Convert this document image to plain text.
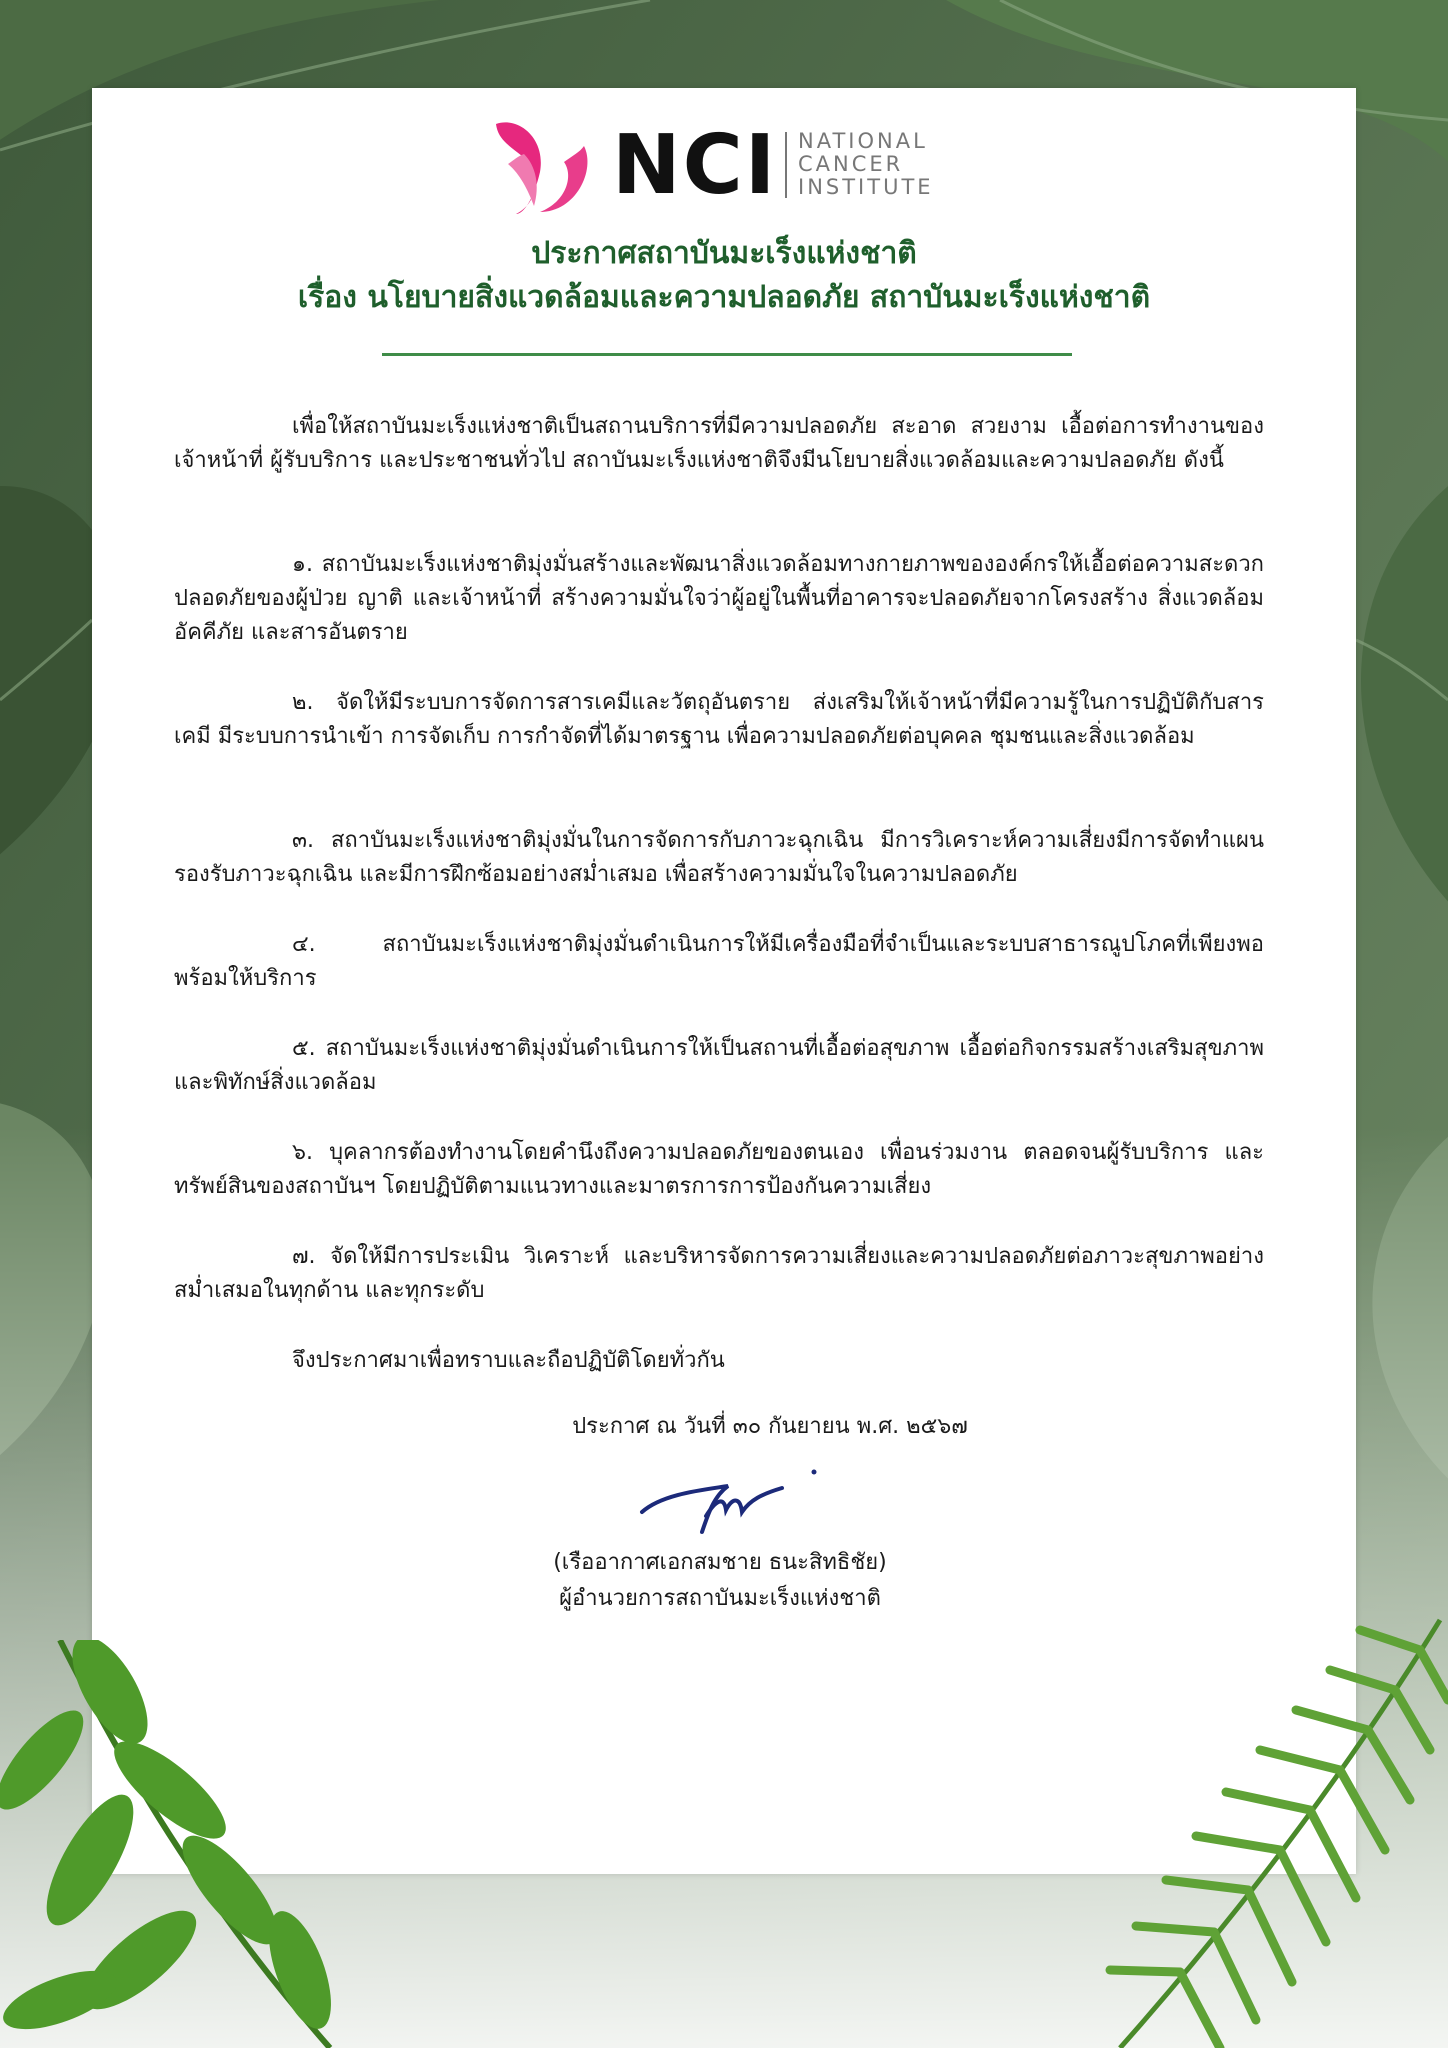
NCI NATIONAL
CANCER
INSTITUTE
ประกาศสถาบันมะเร็งแห่งชาติ
เรื่อง นโยบายสิ่งแวดล้อมและความปลอดภัย สถาบันมะเร็งแห่งชาติ
เพื่อให้สถาบันมะเร็งแห่งชาติเป็นสถานบริการที่มีความปลอดภัย สะอาด สวยงาม เอื้อต่อการทำงานของเจ้าหน้าที่ ผู้รับบริการ และประชาชนทั่วไป สถาบันมะเร็งแห่งชาติจึงมีนโยบายสิ่งแวดล้อมและความปลอดภัย ดังนี้
๑. สถาบันมะเร็งแห่งชาติมุ่งมั่นสร้างและพัฒนาสิ่งแวดล้อมทางกายภาพขององค์กรให้เอื้อต่อความสะดวกปลอดภัยของผู้ป่วย ญาติ และเจ้าหน้าที่ สร้างความมั่นใจว่าผู้อยู่ในพื้นที่อาคารจะปลอดภัยจากโครงสร้าง สิ่งแวดล้อม อัคคีภัย และสารอันตราย
๒. จัดให้มีระบบการจัดการสารเคมีและวัตถุอันตราย ส่งเสริมให้เจ้าหน้าที่มีความรู้ในการปฏิบัติกับสารเคมี มีระบบการนำเข้า การจัดเก็บ การกำจัดที่ได้มาตรฐาน เพื่อความปลอดภัยต่อบุคคล ชุมชนและสิ่งแวดล้อม
๓. สถาบันมะเร็งแห่งชาติมุ่งมั่นในการจัดการกับภาวะฉุกเฉิน มีการวิเคราะห์ความเสี่ยงมีการจัดทำแผนรองรับภาวะฉุกเฉิน และมีการฝึกซ้อมอย่างสม่ำเสมอ เพื่อสร้างความมั่นใจในความปลอดภัย
๔. สถาบันมะเร็งแห่งชาติมุ่งมั่นดำเนินการให้มีเครื่องมือที่จำเป็นและระบบสาธารณูปโภคที่เพียงพอ พร้อมให้บริการ
๕. สถาบันมะเร็งแห่งชาติมุ่งมั่นดำเนินการให้เป็นสถานที่เอื้อต่อสุขภาพ เอื้อต่อกิจกรรมสร้างเสริมสุขภาพ และพิทักษ์สิ่งแวดล้อม
๖. บุคลากรต้องทำงานโดยคำนึงถึงความปลอดภัยของตนเอง เพื่อนร่วมงาน ตลอดจนผู้รับบริการ และทรัพย์สินของสถาบันฯ โดยปฏิบัติตามแนวทางและมาตรการการป้องกันความเสี่ยง
๗. จัดให้มีการประเมิน วิเคราะห์ และบริหารจัดการความเสี่ยงและความปลอดภัยต่อภาวะสุขภาพอย่างสม่ำเสมอในทุกด้าน และทุกระดับ
จึงประกาศมาเพื่อทราบและถือปฏิบัติโดยทั่วกัน
ประกาศ ณ วันที่ ๓๐ กันยายน พ.ศ. ๒๕๖๗
(เรืออากาศเอกสมชาย ธนะสิทธิชัย)
ผู้อำนวยการสถาบันมะเร็งแห่งชาติ
